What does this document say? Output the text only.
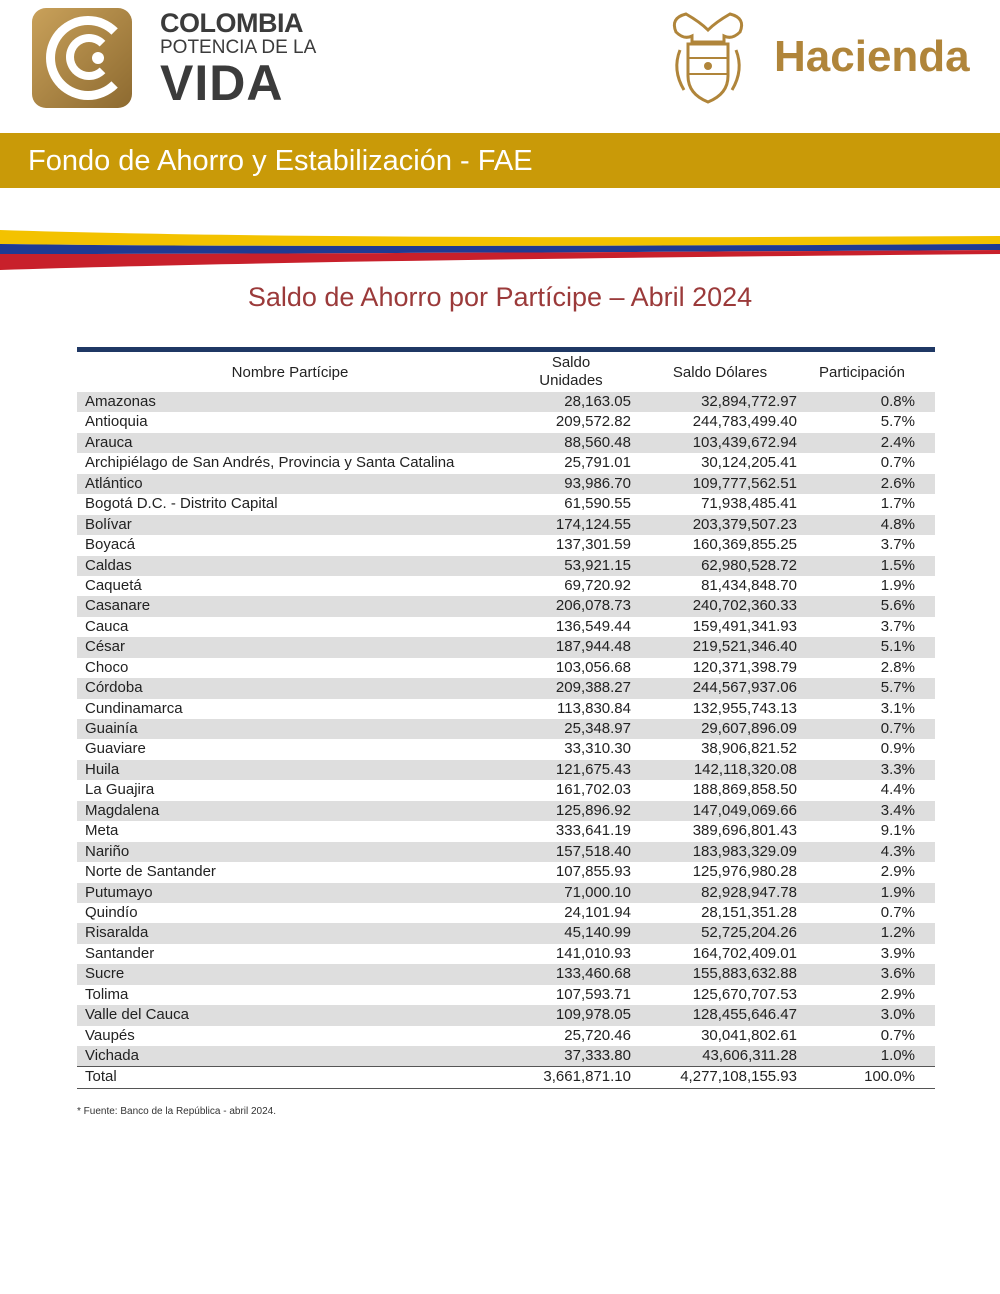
COLOMBIA
POTENCIA DE LA
VIDA	Hacienda
Fondo de Ahorro y Estabilización - FAE
Saldo de Ahorro por Partícipe – Abril 2024
Nombre Partícipe
Saldo
Unidades	Saldo Dólares	Participación
Amazonas	28,163.05	32,894,772.97	0.8%
Antioquia	209,572.82	244,783,499.40	5.7%
Arauca	88,560.48	103,439,672.94	2.4%
Archipiélago de San Andrés, Provincia y Santa Catalina	25,791.01	30,124,205.41	0.7%
Atlántico	93,986.70	109,777,562.51	2.6%
Bogotá D.C. - Distrito Capital	61,590.55	71,938,485.41	1.7%
Bolívar	174,124.55	203,379,507.23	4.8%
Boyacá	137,301.59	160,369,855.25	3.7%
Caldas	53,921.15	62,980,528.72	1.5%
Caquetá	69,720.92	81,434,848.70	1.9%
Casanare	206,078.73	240,702,360.33	5.6%
Cauca	136,549.44	159,491,341.93	3.7%
César	187,944.48	219,521,346.40	5.1%
Choco	103,056.68	120,371,398.79	2.8%
Córdoba	209,388.27	244,567,937.06	5.7%
Cundinamarca	113,830.84	132,955,743.13	3.1%
Guainía	25,348.97	29,607,896.09	0.7%
Guaviare	33,310.30	38,906,821.52	0.9%
Huila	121,675.43	142,118,320.08	3.3%
La Guajira	161,702.03	188,869,858.50	4.4%
Magdalena	125,896.92	147,049,069.66	3.4%
Meta	333,641.19	389,696,801.43	9.1%
Nariño	157,518.40	183,983,329.09	4.3%
Norte de Santander	107,855.93	125,976,980.28	2.9%
Putumayo	71,000.10	82,928,947.78	1.9%
Quindío	24,101.94	28,151,351.28	0.7%
Risaralda	45,140.99	52,725,204.26	1.2%
Santander	141,010.93	164,702,409.01	3.9%
Sucre	133,460.68	155,883,632.88	3.6%
Tolima	107,593.71	125,670,707.53	2.9%
Valle del Cauca	109,978.05	128,455,646.47	3.0%
Vaupés	25,720.46	30,041,802.61	0.7%
Vichada	37,333.80	43,606,311.28	1.0%
Total	3,661,871.10	4,277,108,155.93	100.0%
* Fuente: Banco de la República - abril 2024.
